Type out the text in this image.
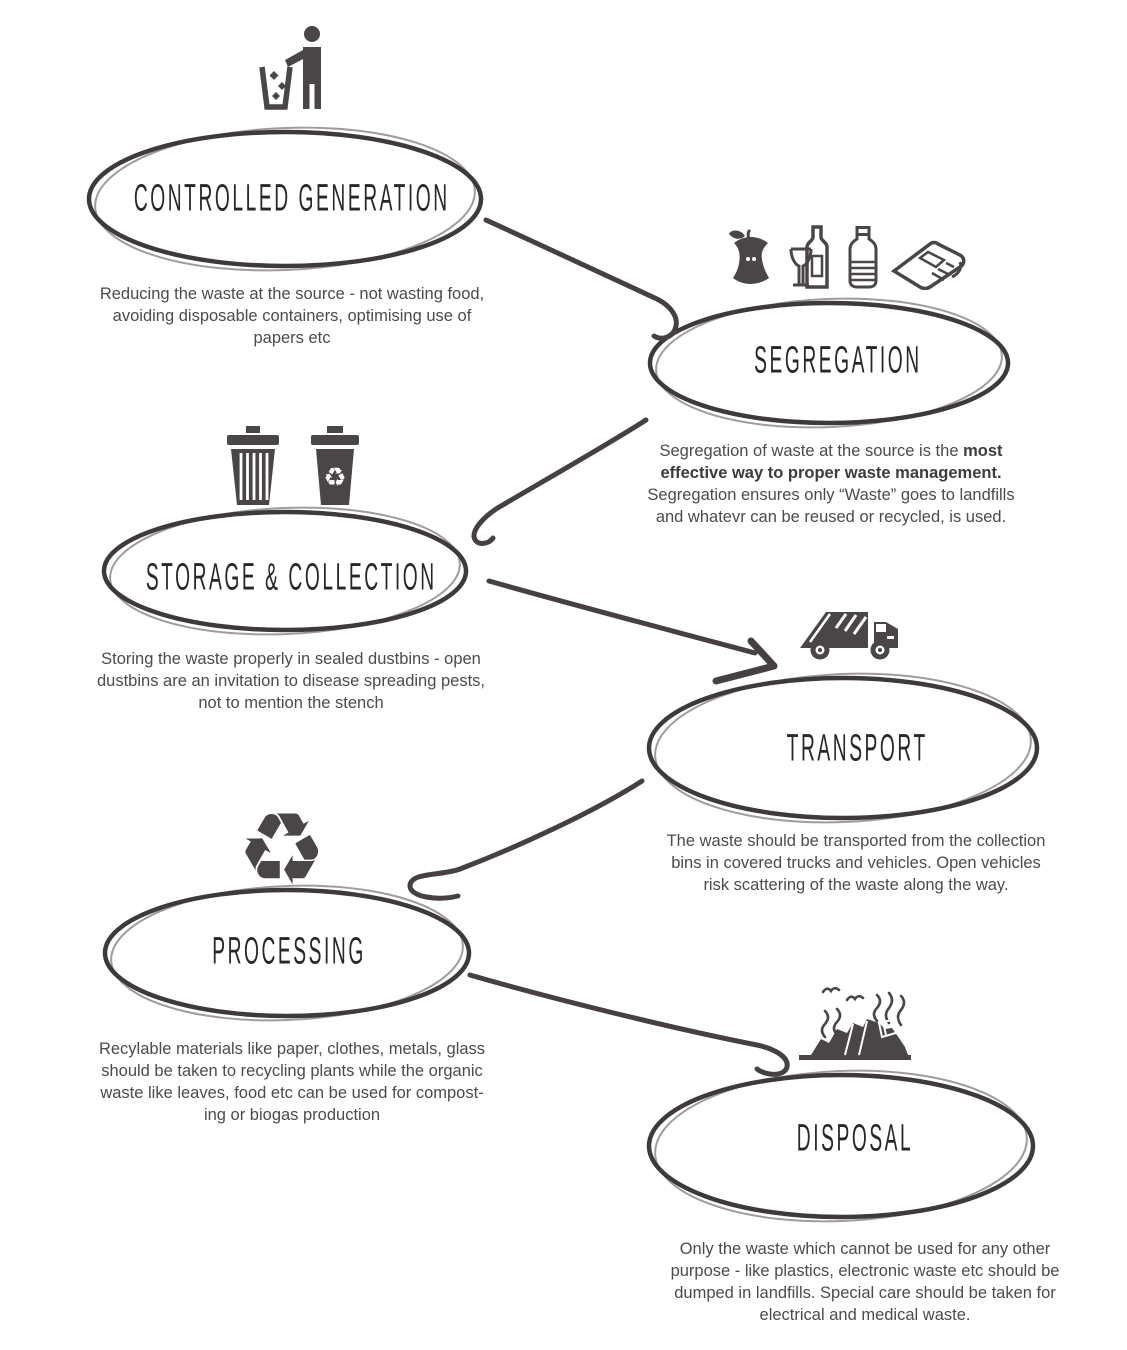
CONTROLLED GENERATION
Reducing the waste at the source - not wasting food,
avoiding disposable containers, optimising use of
papers etc
SEGREGATION
Segregation of waste at the source is the most
effective way to proper waste management.
Segregation ensures only “Waste” goes to landfills
and whatevr can be reused or recycled, is used.
♻
STORAGE & COLLECTION
Storing the waste properly in sealed dustbins - open
dustbins are an invitation to disease spreading pests,
not to mention the stench
TRANSPORT
The waste should be transported from the collection
bins in covered trucks and vehicles. Open vehicles
risk scattering of the waste along the way.
♻
PROCESSING
Recylable materials like paper, clothes, metals, glass
should be taken to recycling plants while the organic
waste like leaves, food etc can be used for compost-
ing or biogas production
DISPOSAL
Only the waste which cannot be used for any other
purpose - like plastics, electronic waste etc should be
dumped in landfills. Special care should be taken for
electrical and medical waste.
